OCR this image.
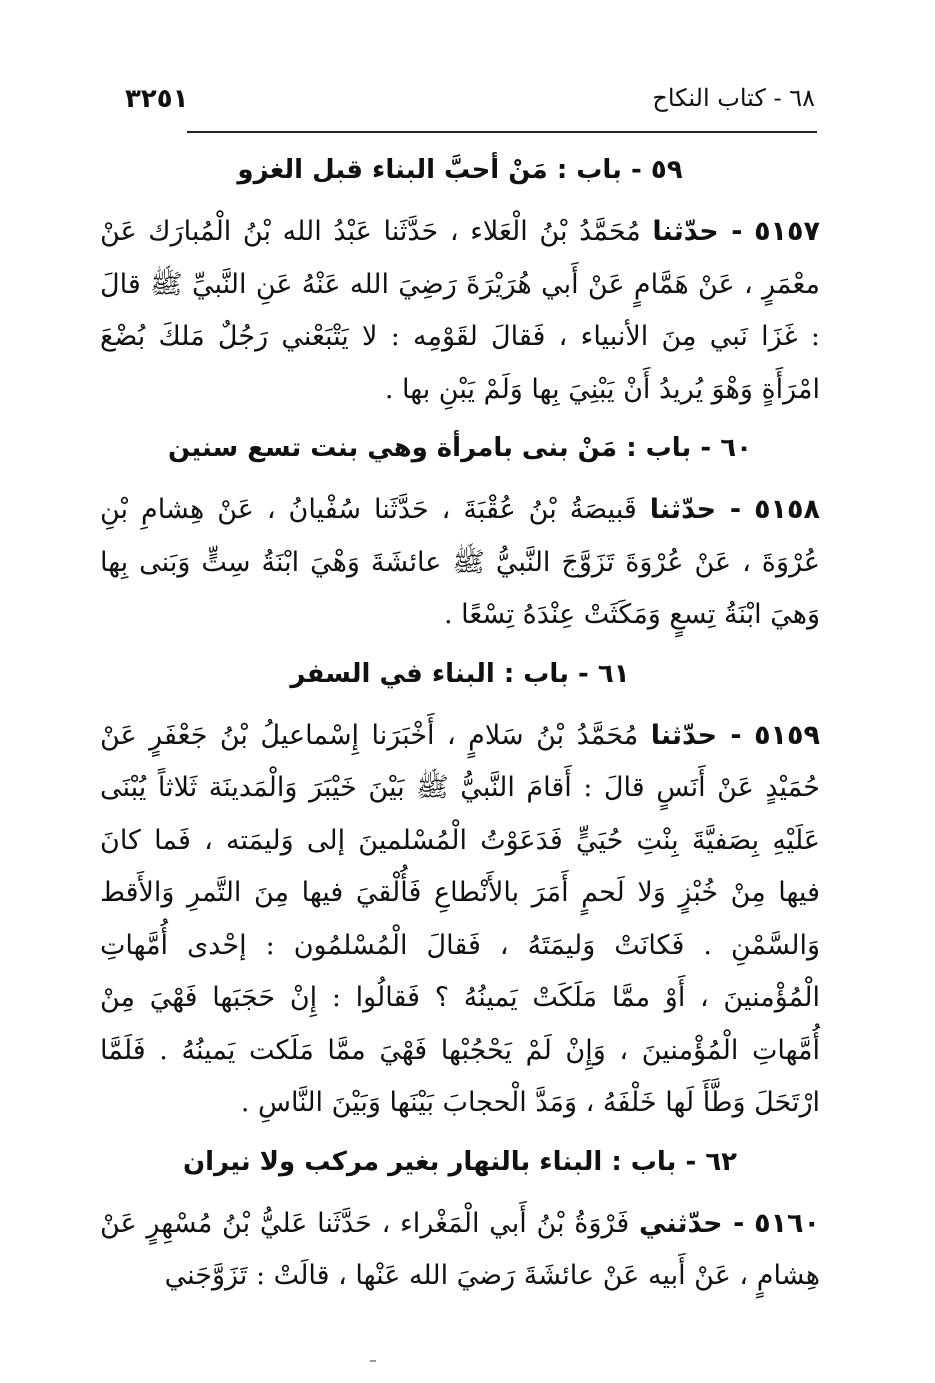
٣٢٥١	٦٨ - كتاب النكاح
٥٩ - باب : مَنْ أحبَّ البناء قبل الغزو

٥١٥٧ - حدّثنا مُحَمَّدُ بْنُ الْعَلاء ، حَدَّثَنا عَبْدُ الله بْنُ الْمُبارَك عَنْ معْمَرٍ ، عَنْ هَمَّامٍ عَنْ أَبي هُرَيْرَةَ رَضِيَ الله عَنْهُ عَنِ النَّبيِّ ﷺ قالَ : غَزَا نَبي مِنَ الأنبياء ، فَقالَ لقَوْمِه : لا يَتْبَعْني رَجُلٌ مَلكَ بُضْعَ امْرَأَةٍ وَهْوَ يُريدُ أَنْ يَبْنِيَ بِها وَلَمْ يَبْنِ بها .

٦٠ - باب : مَنْ بنى بامرأة وهي بنت تسع سنين

٥١٥٨ - حدّثنا قَبيصَةُ بْنُ عُقْبَةَ ، حَدَّثَنا سُفْيانُ ، عَنْ هِشامِ بْنِ عُرْوَةَ ، عَنْ عُرْوَةَ تَزَوَّجَ النَّبيُّ ﷺ عائشَةَ وَهْيَ ابْنَةُ سِتٍّ وَبَنى بِها وَهيَ ابْنَةُ تِسعٍ وَمَكَثَتْ عِنْدَهُ تِسْعًا .

٦١ - باب : البناء في السفر

٥١٥٩ - حدّثنا مُحَمَّدُ بْنُ سَلامٍ ، أَخْبَرَنا إِسْماعيلُ بْنُ جَعْفَرٍ عَنْ حُمَيْدٍ عَنْ أَنَسٍ قالَ : أَقامَ النَّبيُّ ﷺ بَيْنَ خَيْبَرَ وَالْمَدينَة ثَلاثاً يُبْنَى عَلَيْهِ بِصَفيَّةَ بِنْتِ حُيَيٍّ فَدَعَوْتُ الْمُسْلمينَ إلى وَليمَته ، فَما كانَ فيها مِنْ خُبْزٍ وَلا لَحمٍ أَمَرَ بالأَنْطاعِ فَأُلْقيَ فيها مِنَ التَّمرِ وَالأَقط وَالسَّمْنِ . فَكانَتْ وَليمَتَهُ ، فَقالَ الْمُسْلمُون : إحْدى أُمَّهاتِ الْمُؤْمنينَ ، أَوْ ممَّا مَلَكَتْ يَمينُهُ ؟ فَقالُوا : إِنْ حَجَبَها فَهْيَ مِنْ أُمَّهاتِ الْمُؤْمنينَ ، وَإِنْ لَمْ يَحْجُبْها فَهْيَ ممَّا مَلَكت يَمينُهُ . فَلَمَّا ارْتَحَلَ وَطَّأَ لَها خَلْفَهُ ، وَمَدَّ الْحجابَ بَيْنَها وَبَيْنَ النَّاسِ .

٦٢ - باب : البناء بالنهار بغير مركب ولا نيران

٥١٦٠ - حدّثني فَرْوَةُ بْنُ أَبي الْمَغْراء ، حَدَّثَنا عَليُّ بْنُ مُسْهِرٍ عَنْ هِشامٍ ، عَنْ أَبيه عَنْ عائشَةَ رَضيَ الله عَنْها ، قالَتْ : تَزَوَّجَني
